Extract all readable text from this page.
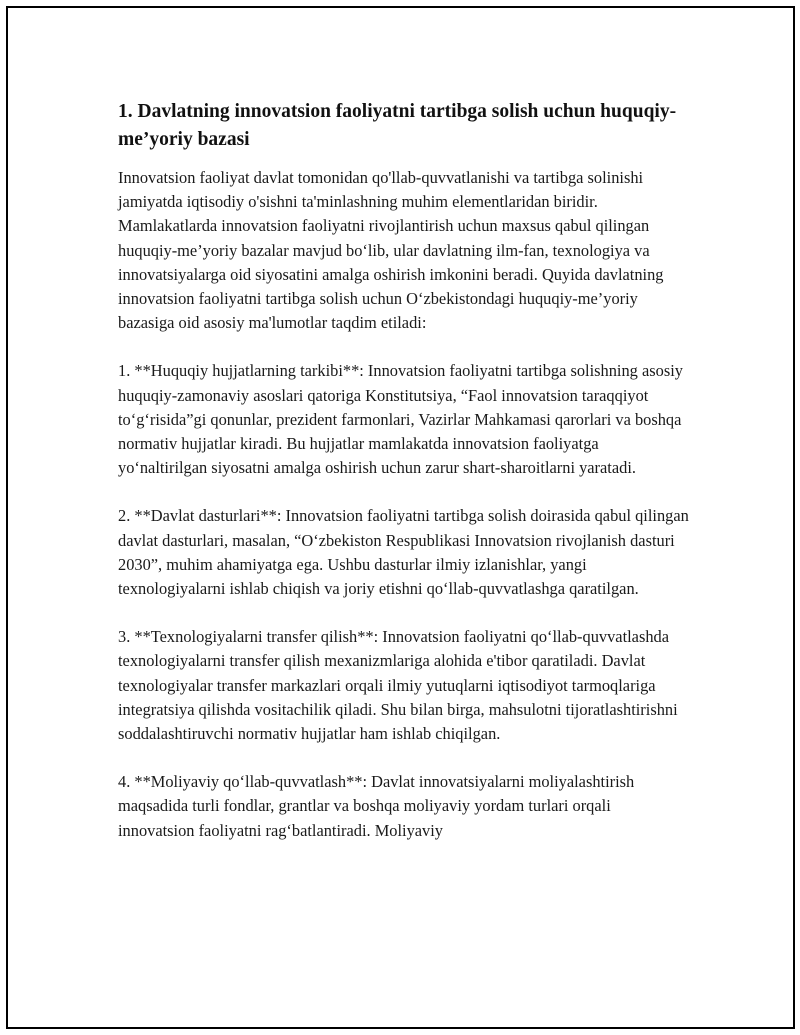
1. Davlatning innovatsion faoliyatni tartibga solish uchun huquqiy-me’yoriy bazasi

Innovatsion faoliyat davlat tomonidan qo'llab-quvvatlanishi va tartibga solinishi jamiyatda iqtisodiy o'sishni ta'minlashning muhim elementlaridan biridir. Mamlakatlarda innovatsion faoliyatni rivojlantirish uchun maxsus qabul qilingan huquqiy-me’yoriy bazalar mavjud bo‘lib, ular davlatning ilm-fan, texnologiya va innovatsiyalarga oid siyosatini amalga oshirish imkonini beradi. Quyida davlatning innovatsion faoliyatni tartibga solish uchun O‘zbekistondagi huquqiy-me’yoriy bazasiga oid asosiy ma'lumotlar taqdim etiladi:

1. **Huquqiy hujjatlarning tarkibi**: Innovatsion faoliyatni tartibga solishning asosiy huquqiy-zamonaviy asoslari qatoriga Konstitutsiya, “Faol innovatsion taraqqiyot to‘g‘risida”gi qonunlar, prezident farmonlari, Vazirlar Mahkamasi qarorlari va boshqa normativ hujjatlar kiradi. Bu hujjatlar mamlakatda innovatsion faoliyatga yo‘naltirilgan siyosatni amalga oshirish uchun zarur shart-sharoitlarni yaratadi.

2. **Davlat dasturlari**: Innovatsion faoliyatni tartibga solish doirasida qabul qilingan davlat dasturlari, masalan, “O‘zbekiston Respublikasi Innovatsion rivojlanish dasturi 2030”, muhim ahamiyatga ega. Ushbu dasturlar ilmiy izlanishlar, yangi texnologiyalarni ishlab chiqish va joriy etishni qo‘llab-quvvatlashga qaratilgan.

3. **Texnologiyalarni transfer qilish**: Innovatsion faoliyatni qo‘llab-quvvatlashda texnologiyalarni transfer qilish mexanizmlariga alohida e'tibor qaratiladi. Davlat texnologiyalar transfer markazlari orqali ilmiy yutuqlarni iqtisodiyot tarmoqlariga integratsiya qilishda vositachilik qiladi. Shu bilan birga, mahsulotni tijoratlashtirishni soddalashtiruvchi normativ hujjatlar ham ishlab chiqilgan.

4. **Moliyaviy qo‘llab-quvvatlash**: Davlat innovatsiyalarni moliyalashtirish maqsadida turli fondlar, grantlar va boshqa moliyaviy yordam turlari orqali innovatsion faoliyatni rag‘batlantiradi. Moliyaviy
